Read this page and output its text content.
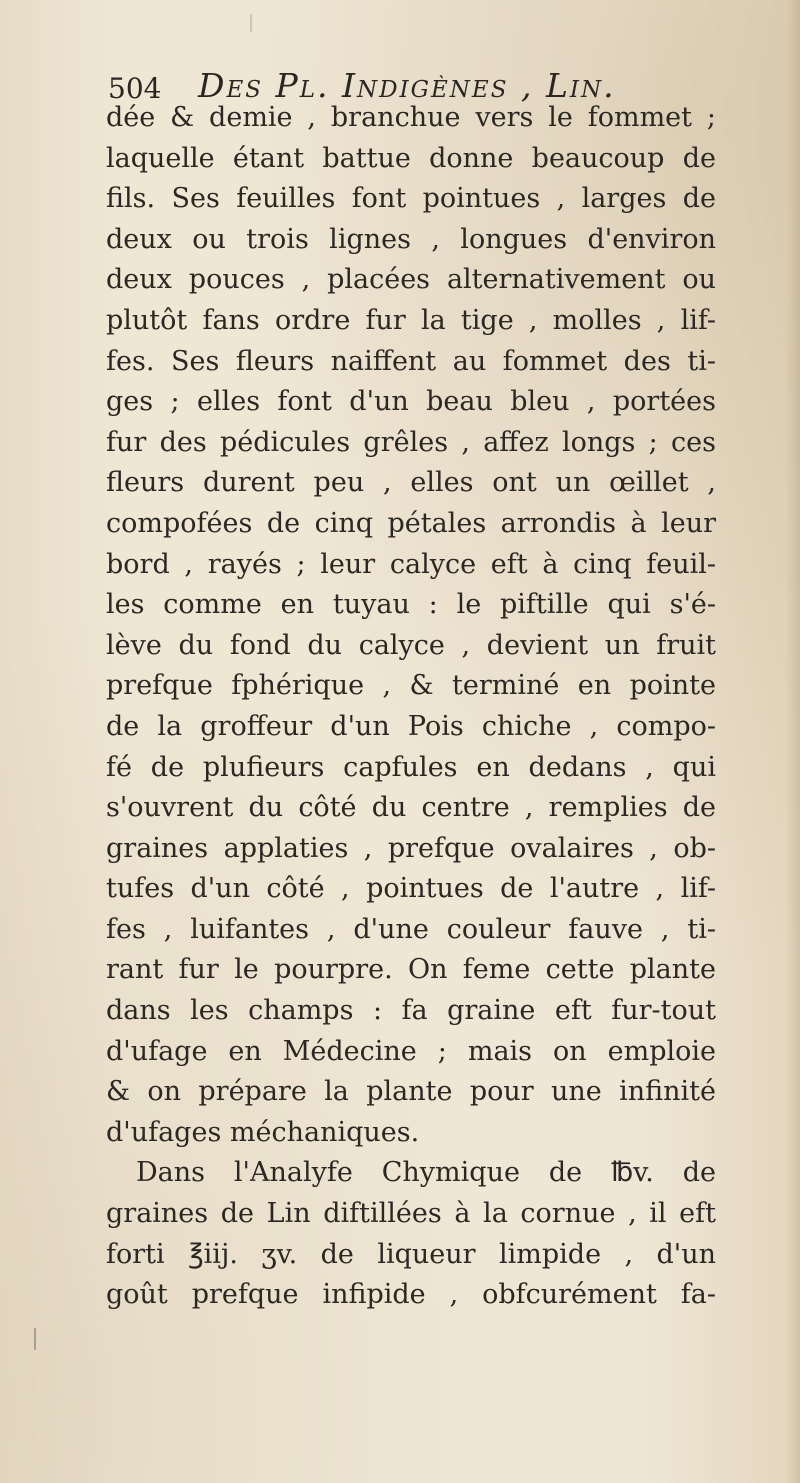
504 Des Pl. Indigènes , Lin.
dée & demie , branchue vers le fommet ;
laquelle étant battue donne beaucoup de
fils. Ses feuilles font pointues , larges de
deux ou trois lignes , longues d'environ
deux pouces , placées alternativement ou
plutôt fans ordre fur la tige , molles , lif-
fes. Ses fleurs naiffent au fommet des ti-
ges ; elles font d'un beau bleu , portées
fur des pédicules grêles , affez longs ; ces
fleurs durent peu , elles ont un œillet ,
compofées de cinq pétales arrondis à leur
bord , rayés ; leur calyce eft à cinq feuil-
les comme en tuyau : le piftille qui s'é-
lève du fond du calyce , devient un fruit
prefque fphérique , & terminé en pointe
de la groffeur d'un Pois chiche , compo-
fé de plufieurs capfules en dedans , qui
s'ouvrent du côté du centre , remplies de
graines applaties , prefque ovalaires , ob-
tufes d'un côté , pointues de l'autre , lif-
fes , luifantes , d'une couleur fauve , ti-
rant fur le pourpre. On feme cette plante
dans les champs : fa graine eft fur-tout
d'ufage en Médecine ; mais on emploie
& on prépare la plante pour une infinité
d'ufages méchaniques.
Dans l'Analyfe Chymique de ℔v. de
graines de Lin diftillées à la cornue , il eft
forti ℥iij. ʒv. de liqueur limpide , d'un
goût prefque infipide , obfcurément fa-
